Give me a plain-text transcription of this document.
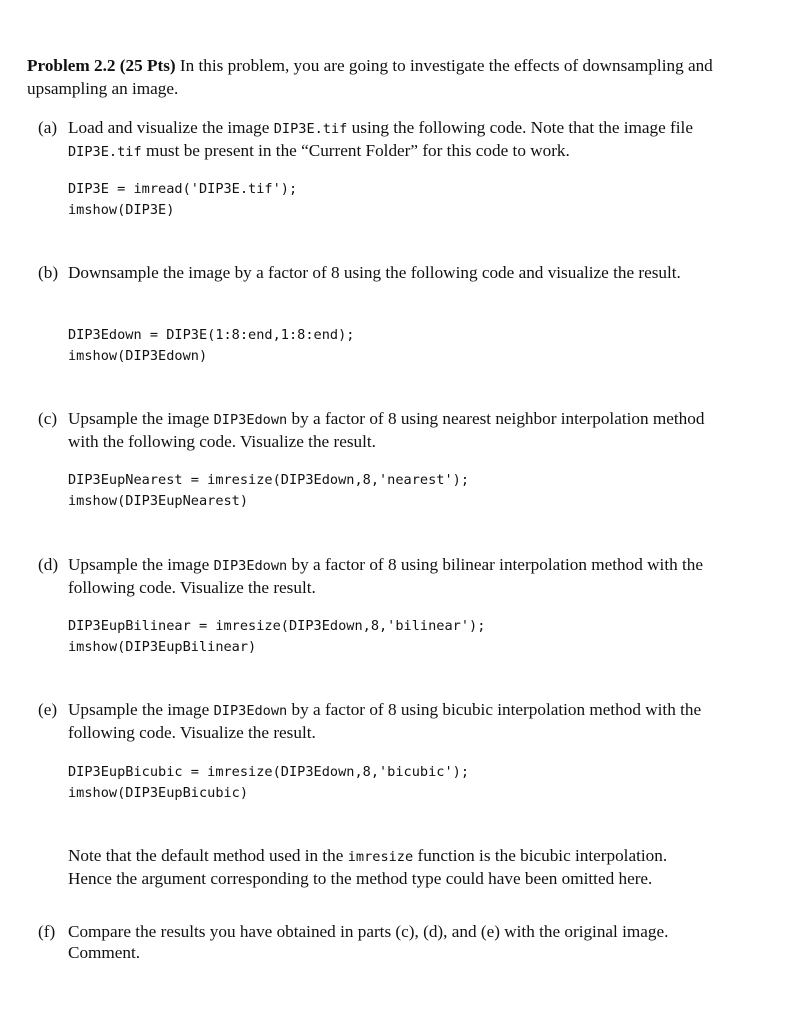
Problem 2.2 (25 Pts) In this problem, you are going to investigate the effects of downsampling and upsampling an image.
(a) Load and visualize the image DIP3E.tif using the following code. Note that the image file DIP3E.tif must be present in the “Current Folder” for this code to work.
DIP3E = imread('DIP3E.tif');
imshow(DIP3E)
(b) Downsample the image by a factor of 8 using the following code and visualize the result.
DIP3Edown = DIP3E(1:8:end,1:8:end);
imshow(DIP3Edown)
(c) Upsample the image DIP3Edown by a factor of 8 using nearest neighbor interpolation method with the following code. Visualize the result.
DIP3EupNearest = imresize(DIP3Edown,8,'nearest');
imshow(DIP3EupNearest)
(d) Upsample the image DIP3Edown by a factor of 8 using bilinear interpolation method with the following code. Visualize the result.
DIP3EupBilinear = imresize(DIP3Edown,8,'bilinear');
imshow(DIP3EupBilinear)
(e) Upsample the image DIP3Edown by a factor of 8 using bicubic interpolation method with the following code. Visualize the result.
DIP3EupBicubic = imresize(DIP3Edown,8,'bicubic');
imshow(DIP3EupBicubic)
Note that the default method used in the imresize function is the bicubic interpolation. Hence the argument corresponding to the method type could have been omitted here.
(f) Compare the results you have obtained in parts (c), (d), and (e) with the original image. Comment.
